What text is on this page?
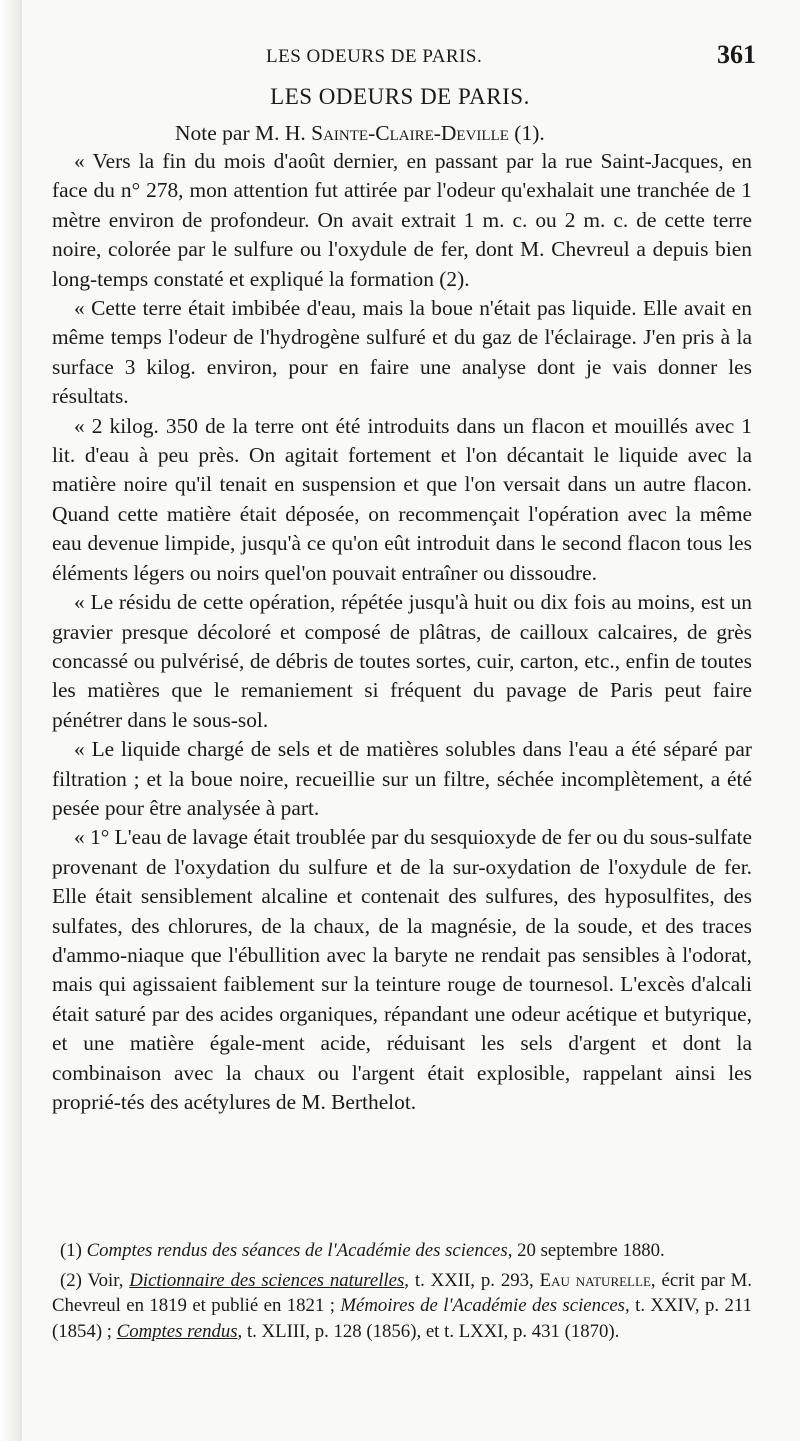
LES ODEURS DE PARIS.	361
LES ODEURS DE PARIS.
Note par M. H. Sainte-Claire-Deville (1).

« Vers la fin du mois d'août dernier, en passant par la rue Saint-Jacques, en face du n° 278, mon attention fut attirée par l'odeur qu'exhalait une tranchée de 1 mètre environ de profondeur. On avait extrait 1 m. c. ou 2 m. c. de cette terre noire, colorée par le sulfure ou l'oxydule de fer, dont M. Chevreul a depuis bien long-temps constaté et expliqué la formation (2).

« Cette terre était imbibée d'eau, mais la boue n'était pas liquide. Elle avait en même temps l'odeur de l'hydrogène sulfuré et du gaz de l'éclairage. J'en pris à la surface 3 kilog. environ, pour en faire une analyse dont je vais donner les résultats.

« 2 kilog. 350 de la terre ont été introduits dans un flacon et mouillés avec 1 lit. d'eau à peu près. On agitait fortement et l'on décantait le liquide avec la matière noire qu'il tenait en suspension et que l'on versait dans un autre flacon. Quand cette matière était déposée, on recommençait l'opération avec la même eau devenue limpide, jusqu'à ce qu'on eût introduit dans le second flacon tous les éléments légers ou noirs quel'on pouvait entraîner ou dissoudre.

« Le résidu de cette opération, répétée jusqu'à huit ou dix fois au moins, est un gravier presque décoloré et composé de plâtras, de cailloux calcaires, de grès concassé ou pulvérisé, de débris de toutes sortes, cuir, carton, etc., enfin de toutes les matières que le remaniement si fréquent du pavage de Paris peut faire pénétrer dans le sous-sol.

« Le liquide chargé de sels et de matières solubles dans l'eau a été séparé par filtration ; et la boue noire, recueillie sur un filtre, séchée incomplètement, a été pesée pour être analysée à part.

« 1° L'eau de lavage était troublée par du sesquioxyde de fer ou du sous-sulfate provenant de l'oxydation du sulfure et de la sur-oxydation de l'oxydule de fer. Elle était sensiblement alcaline et contenait des sulfures, des hyposulfites, des sulfates, des chlorures, de la chaux, de la magnésie, de la soude, et des traces d'ammo-niaque que l'ébullition avec la baryte ne rendait pas sensibles à l'odorat, mais qui agissaient faiblement sur la teinture rouge de tournesol. L'excès d'alcali était saturé par des acides organiques, répandant une odeur acétique et butyrique, et une matière égale-ment acide, réduisant les sels d'argent et dont la combinaison avec la chaux ou l'argent était explosible, rappelant ainsi les proprié-tés des acétylures de M. Berthelot.

(1) Comptes rendus des séances de l'Académie des sciences, 20 septembre 1880.

(2) Voir, Dictionnaire des sciences naturelles, t. XXII, p. 293, Eau naturelle, écrit par M. Chevreul en 1819 et publié en 1821 ; Mémoires de l'Académie des sciences, t. XXIV, p. 211 (1854) ; Comptes rendus, t. XLIII, p. 128 (1856), et t. LXXI, p. 431 (1870).
